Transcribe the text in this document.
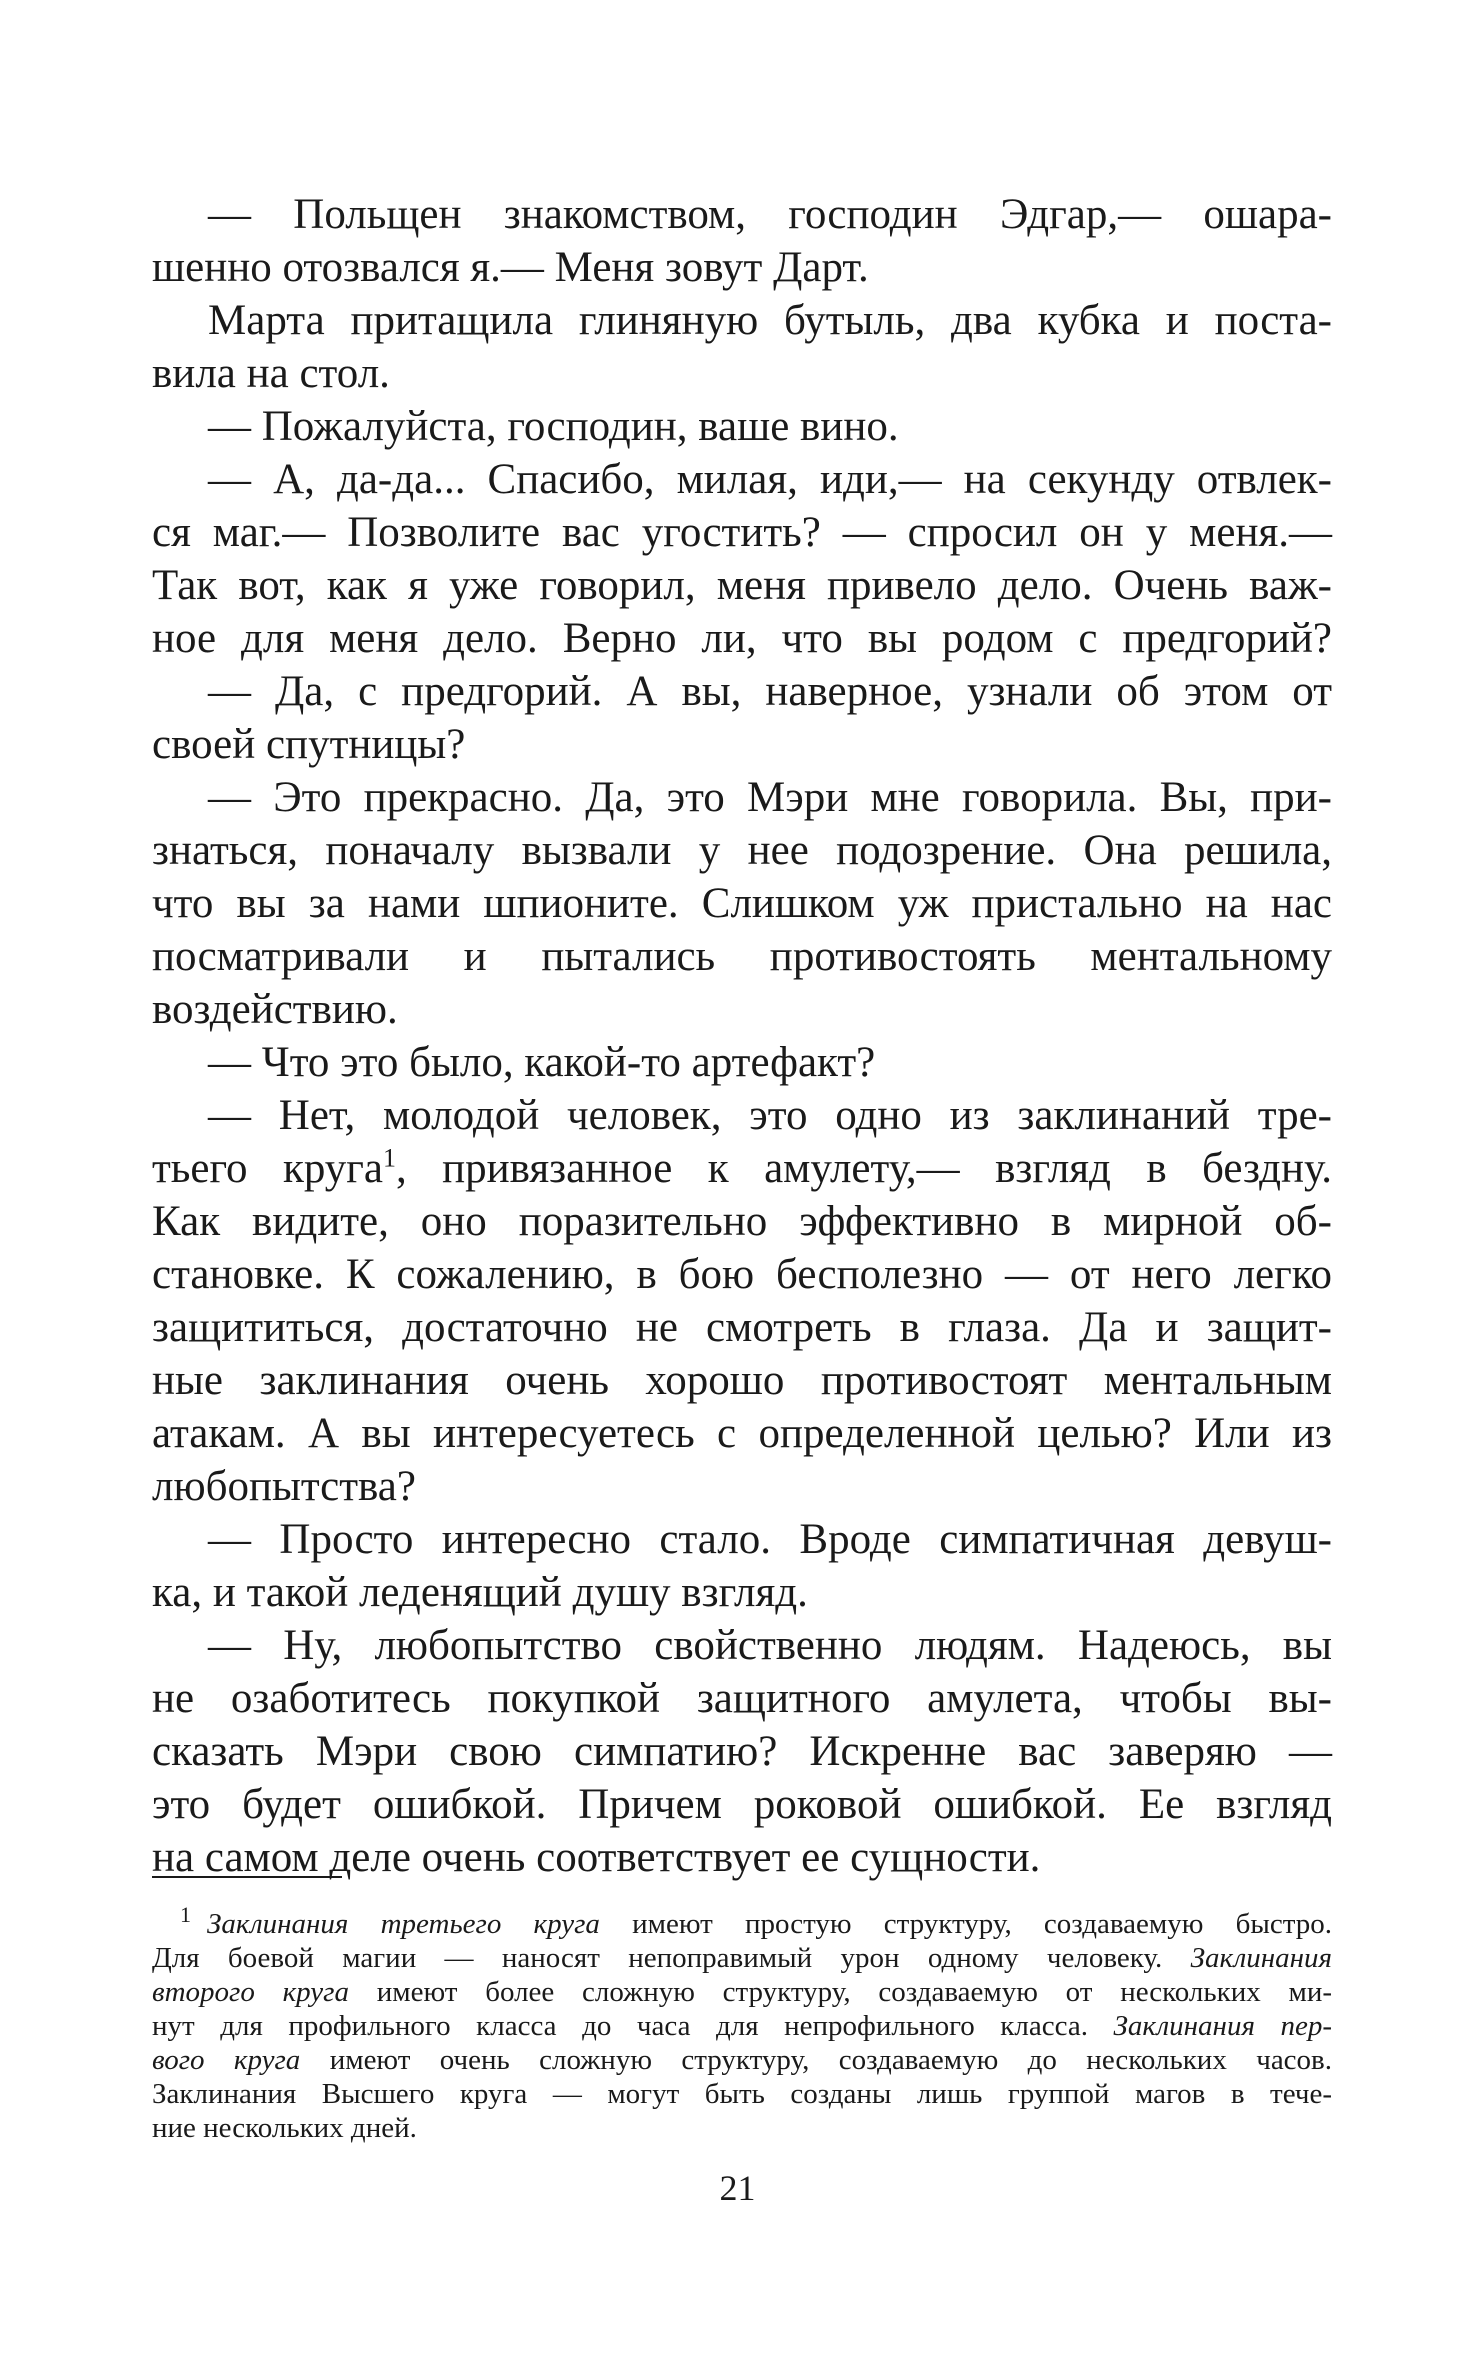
— Польщен знакомством, господин Эдгар,— ошара-
шенно отозвался я.— Меня зовут Дарт.
Марта притащила глиняную бутыль, два кубка и поста-
вила на стол.
— Пожалуйста, господин, ваше вино.
— А, да-да... Спасибо, милая, иди,— на секунду отвлек-
ся маг.— Позволите вас угостить? — спросил он у меня.—
Так вот, как я уже говорил, меня привело дело. Очень важ-
ное для меня дело. Верно ли, что вы родом с предгорий?
— Да, с предгорий. А вы, наверное, узнали об этом от
своей спутницы?
— Это прекрасно. Да, это Мэри мне говорила. Вы, при-
знаться, поначалу вызвали у нее подозрение. Она решила,
что вы за нами шпионите. Слишком уж пристально на нас
посматривали и пытались противостоять ментальному
воздействию.
— Что это было, какой-то артефакт?
— Нет, молодой человек, это одно из заклинаний тре-
тьего круга$^1$, привязанное к амулету,— взгляд в бездну.
Как видите, оно поразительно эффективно в мирной об-
становке. К сожалению, в бою бесполезно — от него легко
защититься, достаточно не смотреть в глаза. Да и защит-
ные заклинания очень хорошо противостоят ментальным
атакам. А вы интересуетесь с определенной целью? Или из
любопытства?
— Просто интересно стало. Вроде симпатичная девуш-
ка, и такой леденящий душу взгляд.
— Ну, любопытство свойственно людям. Надеюсь, вы
не озаботитесь покупкой защитного амулета, чтобы вы-
сказать Мэри свою симпатию? Искренне вас заверяю —
это будет ошибкой. Причем роковой ошибкой. Ее взгляд
на самом деле очень соответствует ее сущности.
$^1$ Заклинания третьего круга имеют простую структуру, создаваемую быстро.
Для боевой магии — наносят непоправимый урон одному человеку. Заклинания
второго круга имеют более сложную структуру, создаваемую от нескольких ми-
нут для профильного класса до часа для непрофильного класса. Заклинания пер-
вого круга имеют очень сложную структуру, создаваемую до нескольких часов.
Заклинания Высшего круга — могут быть созданы лишь группой магов в тече-
ние нескольких дней.
21
